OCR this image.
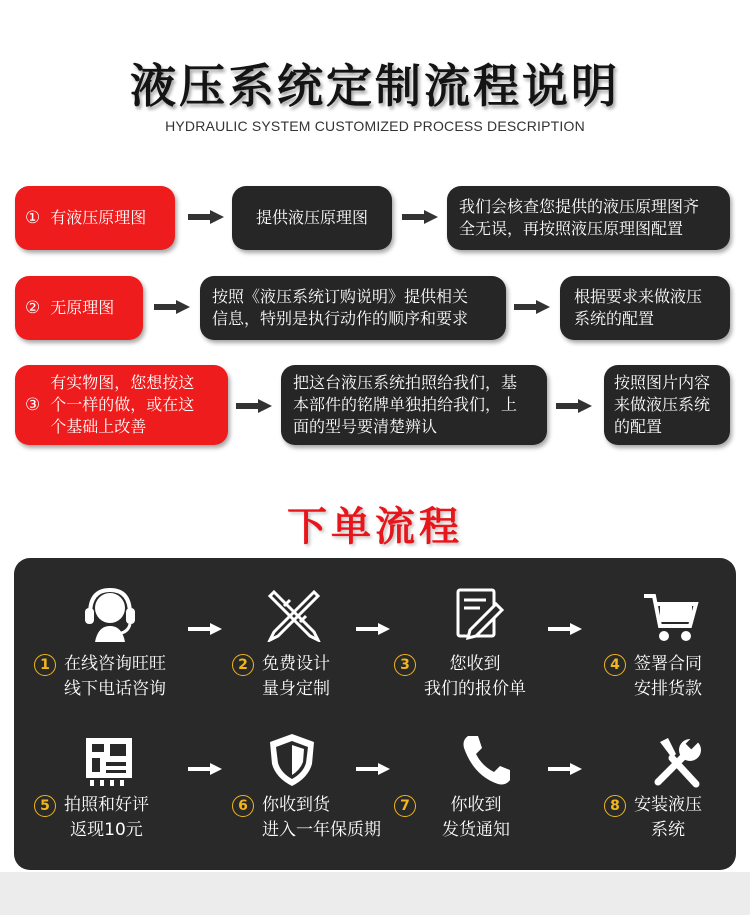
液压系统定制流程说明
HYDRAULIC SYSTEM CUSTOMIZED PROCESS DESCRIPTION
① 有液压原理图	提供液压原理图
我们会核查您提供的液压原理图齐
全无误，再按照液压原理图配置
② 无原理图
按照《液压系统订购说明》提供相关
信息，特别是执行动作的顺序和要求
根据要求来做液压
系统的配置
③
有实物图，您想按这
个一样的做，或在这
个基础上改善
把这台液压系统拍照给我们，基
本部件的铭牌单独拍给我们，上
面的型号要清楚辨认
按照图片内容
来做液压系统
的配置
下单流程
1 在线咨询旺旺
线下电话咨询
2 免费设计
量身定制
3	您收到
我们的报价单
4 签署合同
安排货款
5 拍照和好评
返现10元
6 你收到货
进入一年保质期
7	你收到
发货通知
8 安装液压
系统
